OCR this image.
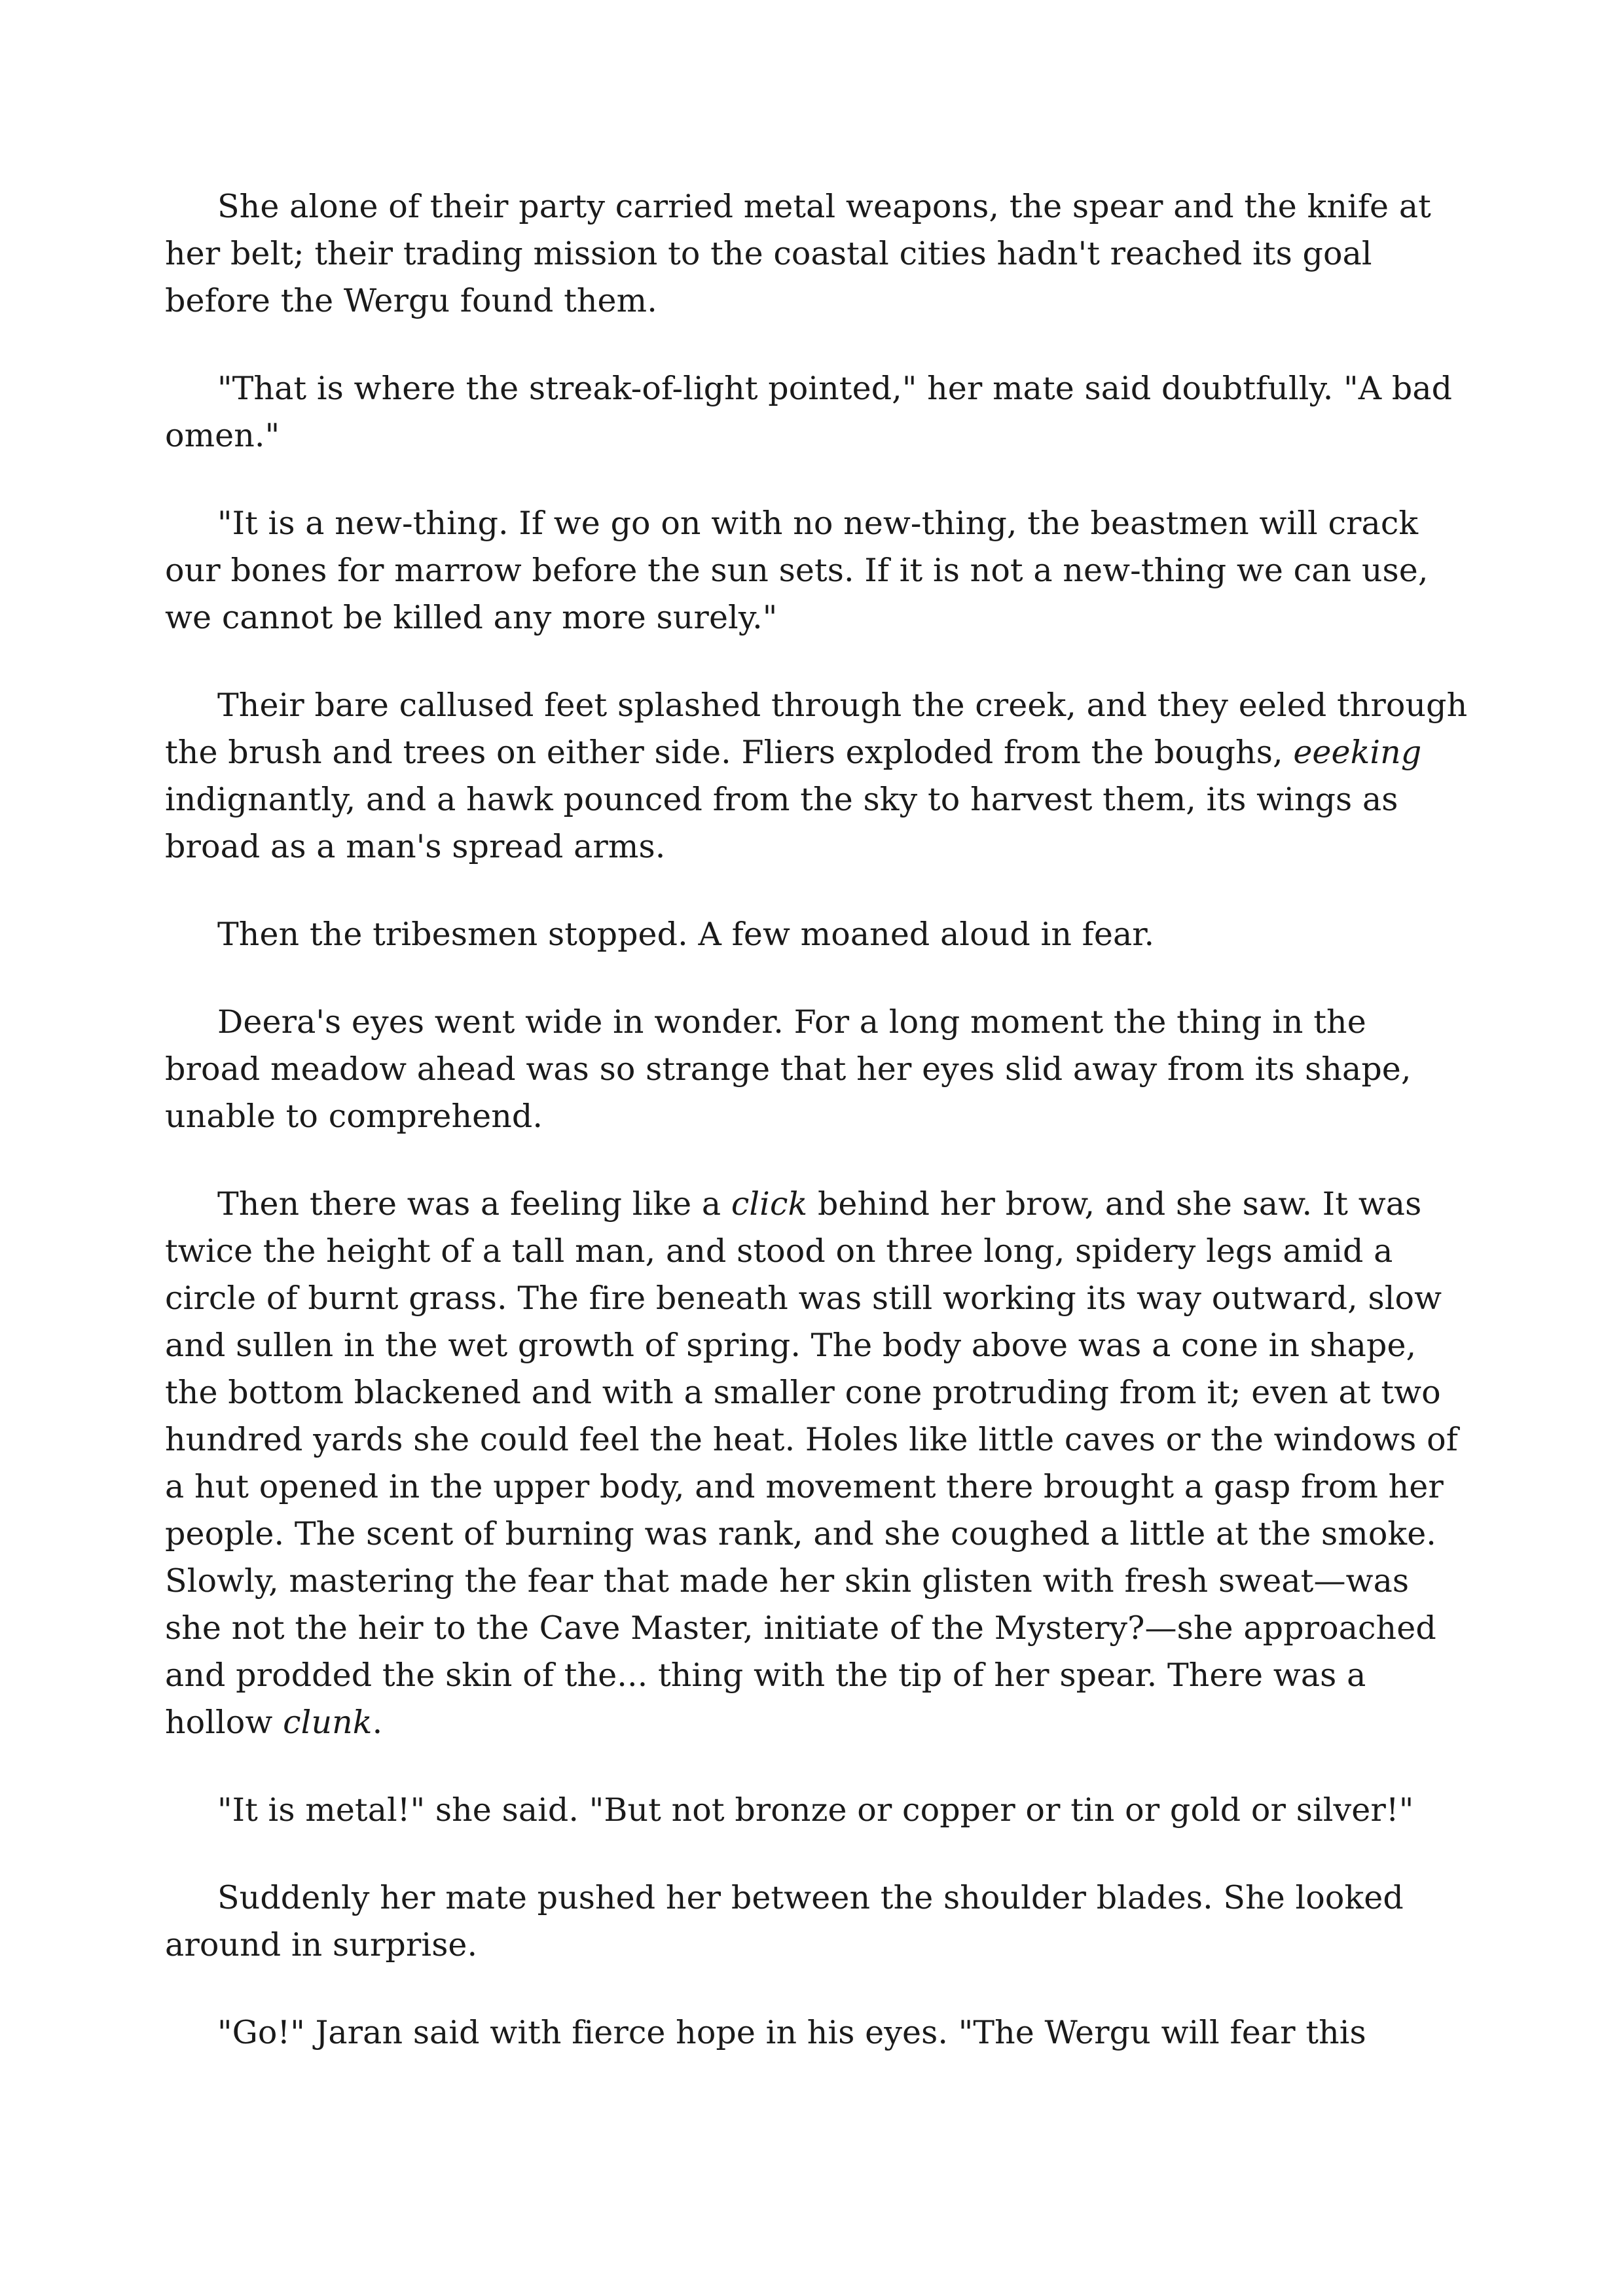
She alone of their party carried metal weapons, the spear and the knife at her belt; their trading mission to the coastal cities hadn't reached its goal before the Wergu found them.

"That is where the streak-of-light pointed," her mate said doubtfully. "A bad omen."

"It is a new-thing. If we go on with no new-thing, the beastmen will crack our bones for marrow before the sun sets. If it is not a new-thing we can use, we cannot be killed any more surely."

Their bare callused feet splashed through the creek, and they eeled through the brush and trees on either side. Fliers exploded from the boughs, eeeking indignantly, and a hawk pounced from the sky to harvest them, its wings as broad as a man's spread arms.

Then the tribesmen stopped. A few moaned aloud in fear.

Deera's eyes went wide in wonder. For a long moment the thing in the broad meadow ahead was so strange that her eyes slid away from its shape, unable to comprehend.

Then there was a feeling like a click behind her brow, and she saw. It was twice the height of a tall man, and stood on three long, spidery legs amid a circle of burnt grass. The fire beneath was still working its way outward, slow and sullen in the wet growth of spring. The body above was a cone in shape, the bottom blackened and with a smaller cone protruding from it; even at two hundred yards she could feel the heat. Holes like little caves or the windows of a hut opened in the upper body, and movement there brought a gasp from her people. The scent of burning was rank, and she coughed a little at the smoke. Slowly, mastering the fear that made her skin glisten with fresh sweat—was she not the heir to the Cave Master, initiate of the Mystery?—she approached and prodded the skin of the... thing with the tip of her spear. There was a hollow clunk.

"It is metal!" she said. "But not bronze or copper or tin or gold or silver!"

Suddenly her mate pushed her between the shoulder blades. She looked around in surprise.

"Go!" Jaran said with fierce hope in his eyes. "The Wergu will fear this
